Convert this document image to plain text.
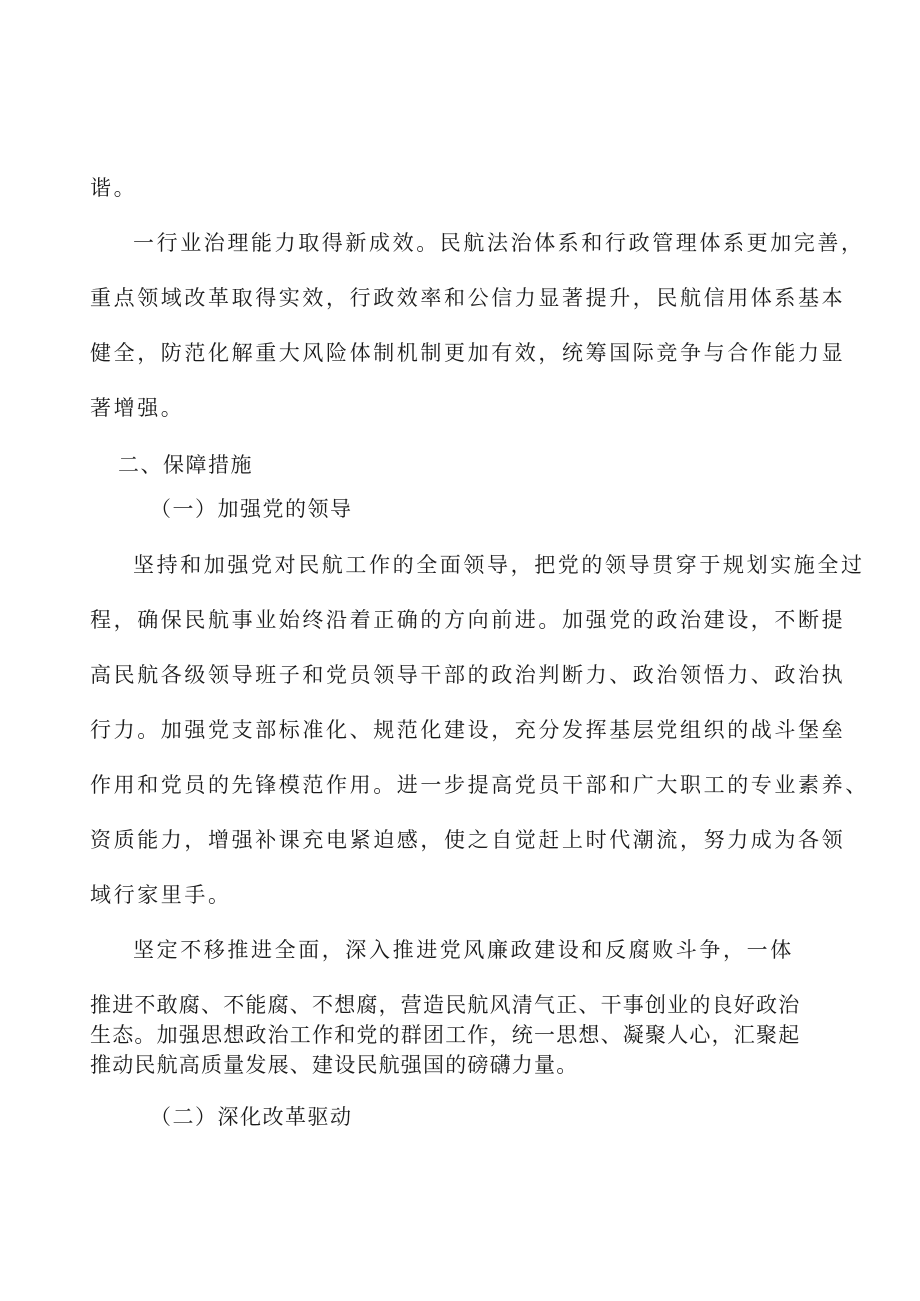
谐。
一行业治理能力取得新成效。民航法治体系和行政管理体系更加完善，
重点领域改革取得实效，行政效率和公信力显著提升，民航信用体系基本
健全，防范化解重大风险体制机制更加有效，统筹国际竞争与合作能力显
著增强。
二、保障措施
（一）加强党的领导
坚持和加强党对民航工作的全面领导，把党的领导贯穿于规划实施全过
程，确保民航事业始终沿着正确的方向前进。加强党的政治建设，不断提
高民航各级领导班子和党员领导干部的政治判断力、政治领悟力、政治执
行力。加强党支部标准化、规范化建设，充分发挥基层党组织的战斗堡垒
作用和党员的先锋模范作用。进一步提高党员干部和广大职工的专业素养、
资质能力，增强补课充电紧迫感，使之自觉赶上时代潮流，努力成为各领
域行家里手。
坚定不移推进全面，深入推进党风廉政建设和反腐败斗争，一体
推进不敢腐、不能腐、不想腐，营造民航风清气正、干事创业的良好政治
生态。加强思想政治工作和党的群团工作，统一思想、凝聚人心，汇聚起
推动民航高质量发展、建设民航强国的磅礴力量。
（二）深化改革驱动
